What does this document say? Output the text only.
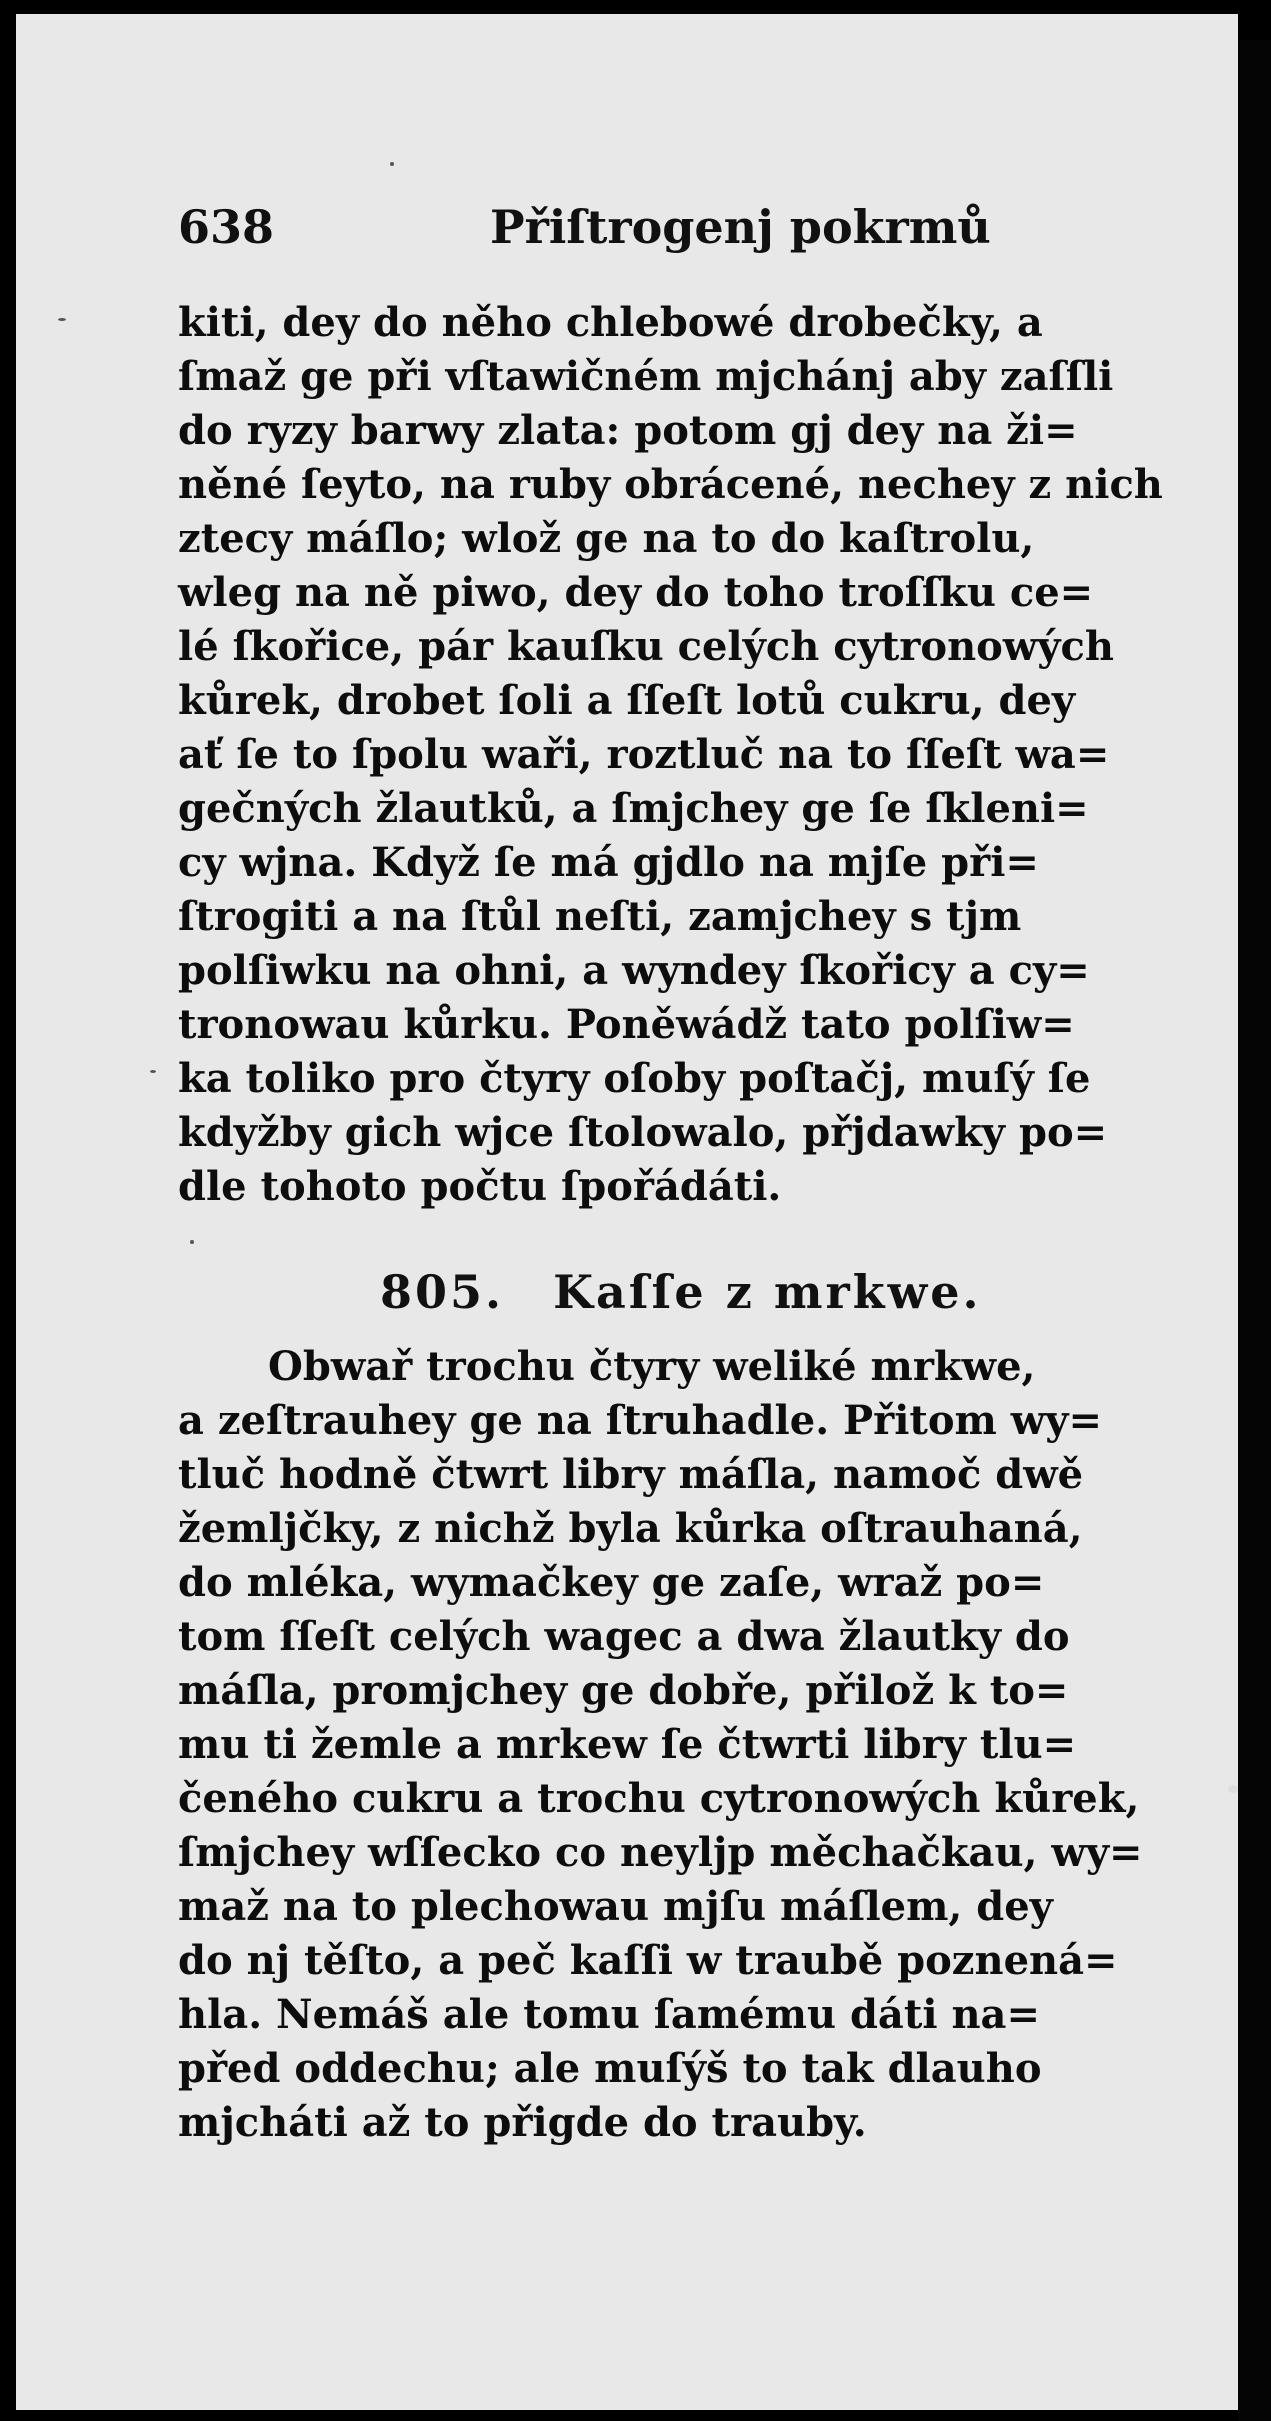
638	Přiſtrogenj pokrmů
kiti, dey do něho chlebowé drobečky, a
ſmaž ge při vſtawičném mjchánj aby zaſſli
do ryzy barwy zlata: potom gj dey na ži=
něné ſeyto, na ruby obrácené, nechey z nich
ztecy máſlo; wlož ge na to do kaſtrolu,
wleg na ně piwo, dey do toho troſſku ce=
lé ſkořice, pár kauſku celých cytronowých
kůrek, drobet ſoli a ſſeſt lotů cukru, dey
ať ſe to ſpolu waři, roztluč na to ſſeſt wa=
gečných žlautků, a ſmjchey ge ſe ſkleni=
cy wjna. Když ſe má gjdlo na mjſe při=
ſtrogiti a na ſtůl neſti, zamjchey s tjm
polſiwku na ohni, a wyndey ſkořicy a cy=
tronowau kůrku. Poněwádž tato polſiw=
ka toliko pro čtyry oſoby poſtačj, muſý ſe
kdyžby gich wjce ſtolowalo, přjdawky po=
dle tohoto počtu ſpořádáti.
805. Kaſſe z mrkwe.
Obwař trochu čtyry weliké mrkwe,
a zeſtrauhey ge na ſtruhadle. Přitom wy=
tluč hodně čtwrt libry máſla, namoč dwě
žemljčky, z nichž byla kůrka oſtrauhaná,
do mléka, wymačkey ge zaſe, wraž po=
tom ſſeſt celých wagec a dwa žlautky do
máſla, promjchey ge dobře, přilož k to=
mu ti žemle a mrkew ſe čtwrti libry tlu=
čeného cukru a trochu cytronowých kůrek,
ſmjchey wſſecko co neyljp měchačkau, wy=
maž na to plechowau mjſu máſlem, dey
do nj těſto, a peč kaſſi w traubě poznená=
hla. Nemáš ale tomu ſamému dáti na=
před oddechu; ale muſýš to tak dlauho
mjcháti až to přigde do trauby.
